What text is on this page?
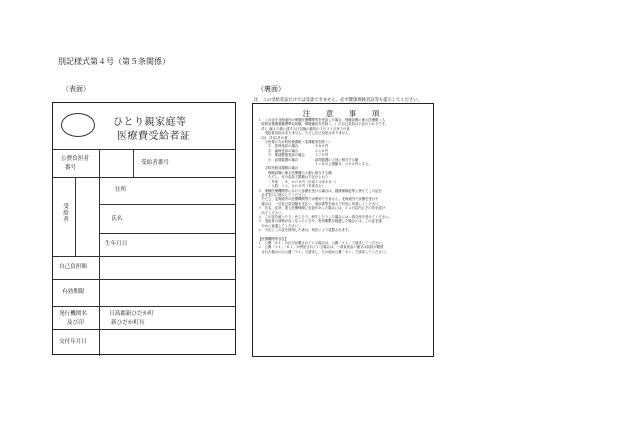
別記様式第４号（第５条関係）
（表面）	（裏面）
ひとり親家庭等
医療費受給者証
公費負担者
番号
受給者番号
受給者
住所
氏名
生年月日
自己負担額
有効期限
発行機関名
及び印
日高郡新ひだか町
新ひだか町長
交付年月日
注．この受給者証だけでは受診できません。必ず健康保険者証等も提示してください。
注　意　事　項
１　この証を北海道内の保険医療機関等を受診した場合、保険診療に係る医療費（入
　院時食事療養費標準負担額、保険適用外を除く。）の自己負担は下記のとおりです。
　(1)　満１５歳に達する日以後の最初の３月３１日までの者
　　受給者負担はありません。ただし自己負担はありません。
　(2)　(1)以外の者
　　①世帯の方が町民税課税（非課税者を除く）
　　　①　医科受診の場合　　　　　８８０円
　　　②　歯科受診の場合　　　　　６１０円
　　　③　柔道整復受診の場合　　　２７０円
　　　④　訪問看護の場合　　　　　訪問看護の１回に相当する額
　　　　　　　　　　　　　　　　　１ヶ月の上限額８，０００円とする。
　　②町民税非課税の場合
　　　保険診療に係る医療費の１割に相当する額
　　　ただし、月の負担上限額は下記のとおり
　　　・外来　　８，０００円（平成２４年８月～）
　　　・入院　１２，０００円（外来含む）
２　保険医療機関等において診療を受ける場合は、健康保険証等と併せてこの証を
　必ず窓口に提示してください。
　ただし、北海道外の医療機関等では使用できません。北海道外で診療を受けた
　場合は、一旦自己負担額を支払い、領収書等を添えて町長に申請してください。
３　氏名、住所、加入医療保険に変更があった場合には、１４日以内にその旨を届け
　出てください。
４　この証を破ったり、汚したり、紛失したりした場合には、再交付を受けてください。
５　受給者の資格がなくなったときや、有効期限を経過した場合には、この証を速
　やかに返還してください。
６　不正にこの証を使用した者は、刑法により処罰されます。
【医療機関等各位】
１　公費「８１」の区分記載されている場合は、公費「９１」で請求してください。
２　公費「９１」「８１」が併記されている場合は、一部負担金１割又は負担が限度
　された場合のみ公費「９１」で請求し、その他は公費「８１」で請求してください。
